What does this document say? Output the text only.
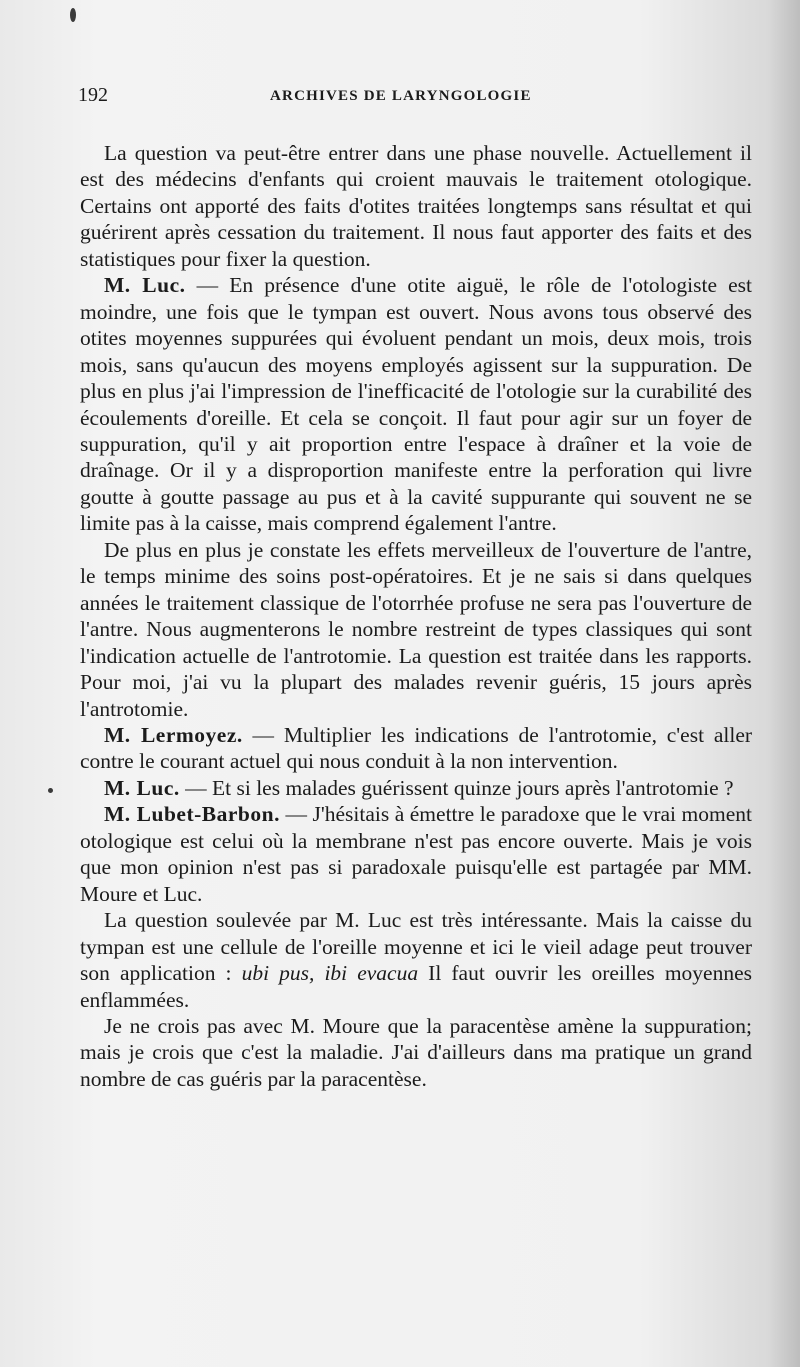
192	ARCHIVES DE LARYNGOLOGIE

La question va peut-être entrer dans une phase nouvelle. Actuellement il est des médecins d'enfants qui croient mauvais le traitement otologique. Certains ont apporté des faits d'otites traitées longtemps sans résultat et qui guérirent après cessation du traitement. Il nous faut apporter des faits et des statistiques pour fixer la question.

M. Luc. — En présence d'une otite aiguë, le rôle de l'otologiste est moindre, une fois que le tympan est ouvert. Nous avons tous observé des otites moyennes suppurées qui évoluent pendant un mois, deux mois, trois mois, sans qu'aucun des moyens employés agissent sur la suppuration. De plus en plus j'ai l'impression de l'inefficacité de l'otologie sur la curabilité des écoulements d'oreille. Et cela se conçoit. Il faut pour agir sur un foyer de suppuration, qu'il y ait proportion entre l'espace à draîner et la voie de draînage. Or il y a disproportion manifeste entre la perforation qui livre goutte à goutte passage au pus et à la cavité suppurante qui souvent ne se limite pas à la caisse, mais comprend également l'antre.

De plus en plus je constate les effets merveilleux de l'ouverture de l'antre, le temps minime des soins post-opératoires. Et je ne sais si dans quelques années le traitement classique de l'otorrhée profuse ne sera pas l'ouverture de l'antre. Nous augmenterons le nombre restreint de types classiques qui sont l'indication actuelle de l'antrotomie. La question est traitée dans les rapports. Pour moi, j'ai vu la plupart des malades revenir guéris, 15 jours après l'antrotomie.

M. Lermoyez. — Multiplier les indications de l'antrotomie, c'est aller contre le courant actuel qui nous conduit à la non intervention.

M. Luc. — Et si les malades guérissent quinze jours après l'antrotomie ?

M. Lubet-Barbon. — J'hésitais à émettre le paradoxe que le vrai moment otologique est celui où la membrane n'est pas encore ouverte. Mais je vois que mon opinion n'est pas si paradoxale puisqu'elle est partagée par MM. Moure et Luc.

La question soulevée par M. Luc est très intéressante. Mais la caisse du tympan est une cellule de l'oreille moyenne et ici le vieil adage peut trouver son application : ubi pus, ibi evacua Il faut ouvrir les oreilles moyennes enflammées.

Je ne crois pas avec M. Moure que la paracentèse amène la suppuration; mais je crois que c'est la maladie. J'ai d'ailleurs dans ma pratique un grand nombre de cas guéris par la paracentèse.
